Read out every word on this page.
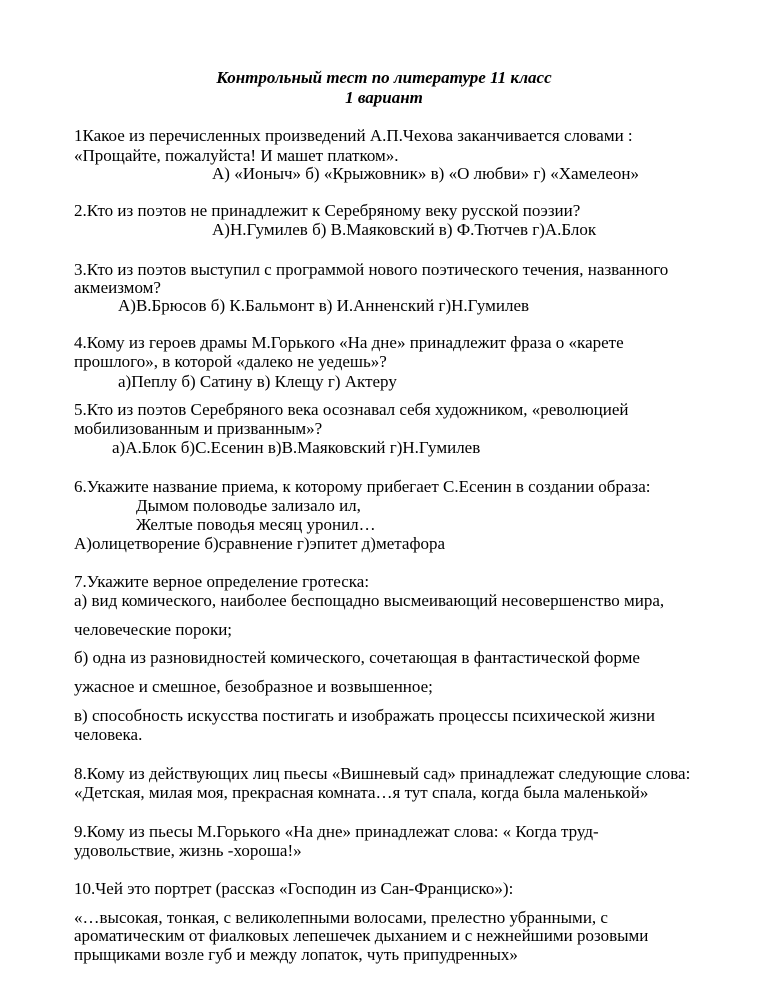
Контрольный тест по литературе 11 класс
1 вариант
1Какое из перечисленных произведений А.П.Чехова заканчивается словами :
«Прощайте, пожалуйста! И машет платком».
А) «Ионыч» б) «Крыжовник» в) «О любви» г) «Хамелеон»
2.Кто из поэтов не принадлежит к Серебряному веку русской поэзии?
А)Н.Гумилев б) В.Маяковский в) Ф.Тютчев г)А.Блок
3.Кто из поэтов выступил с программой нового поэтического течения, названного
акмеизмом?
А)В.Брюсов б) К.Бальмонт в) И.Анненский г)Н.Гумилев
4.Кому из героев драмы М.Горького «На дне» принадлежит фраза о «карете
прошлого», в которой «далеко не уедешь»?
а)Пеплу б) Сатину в) Клещу г) Актеру
5.Кто из поэтов Серебряного века осознавал себя художником, «революцией
мобилизованным и призванным»?
а)А.Блок б)С.Есенин в)В.Маяковский г)Н.Гумилев
6.Укажите название приема, к которому прибегает С.Есенин в создании образа:
Дымом половодье зализало ил,
Желтые поводья месяц уронил…
А)олицетворение б)сравнение г)эпитет д)метафора
7.Укажите верное определение гротеска:
а) вид комического, наиболее беспощадно высмеивающий несовершенство мира,
человеческие пороки;
б) одна из разновидностей комического, сочетающая в фантастической форме
ужасное и смешное, безобразное и возвышенное;
в) способность искусства постигать и изображать процессы психической жизни
человека.
8.Кому из действующих лиц пьесы «Вишневый сад» принадлежат следующие слова:
«Детская, милая моя, прекрасная комната…я тут спала, когда была маленькой»
9.Кому из пьесы М.Горького «На дне» принадлежат слова: « Когда труд-
удовольствие, жизнь -хороша!»
10.Чей это портрет (рассказ «Господин из Сан-Франциско»):
«…высокая, тонкая, с великолепными волосами, прелестно убранными, с
ароматическим от фиалковых лепешечек дыханием и с нежнейшими розовыми
прыщиками возле губ и между лопаток, чуть припудренных»
